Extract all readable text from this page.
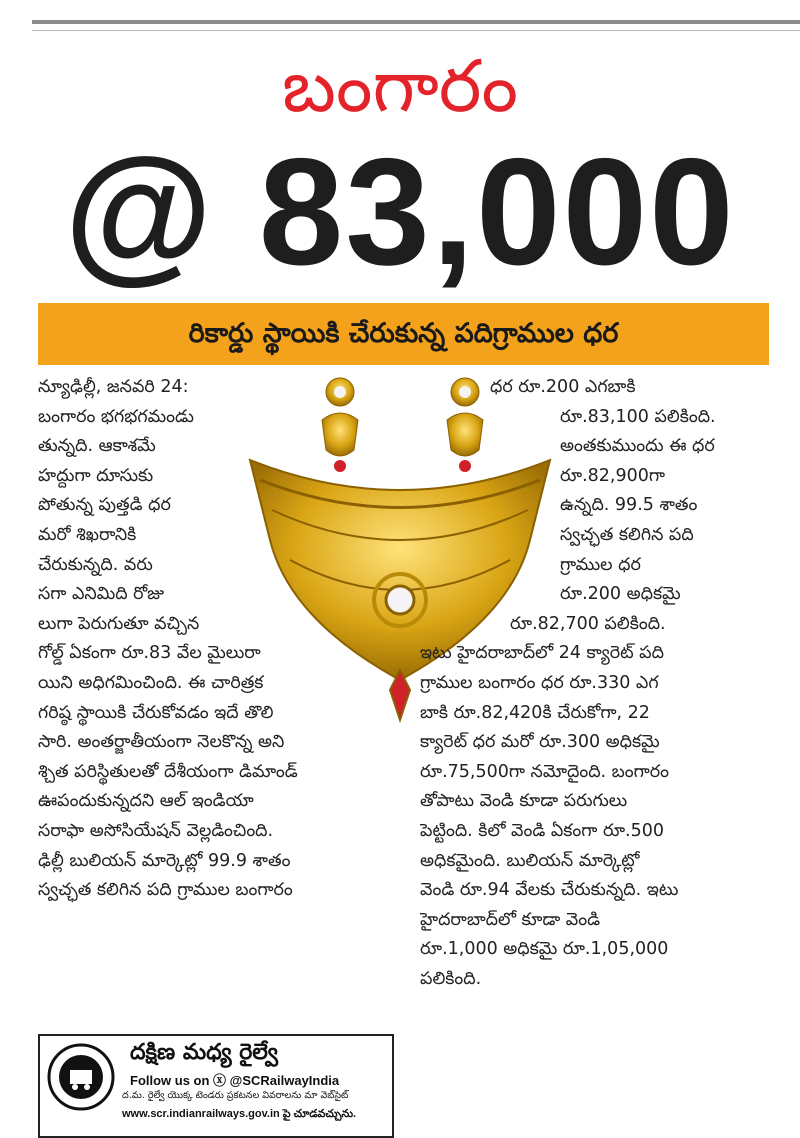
బంగారం
@ 83,000
రికార్డు స్థాయికి చేరుకున్న పదిగ్రాముల ధర
న్యూఢిల్లీ, జనవరి 24:
బంగారం భగభగమండు
తున్నది. ఆకాశమే
హద్దుగా దూసుకు
పోతున్న పుత్తడి ధర
మరో శిఖరానికి
చేరుకున్నది. వరు
సగా ఎనిమిది రోజు
లుగా పెరుగుతూ వచ్చిన
గోల్డ్ ఏకంగా రూ.83 వేల మైలురా
యిని అధిగమించింది. ఈ చారిత్రక
గరిష్ఠ స్థాయికి చేరుకోవడం ఇదే తొలి
సారి. అంతర్జాతీయంగా నెలకొన్న అని
శ్చిత పరిస్థితులతో దేశీయంగా డిమాండ్
ఊపందుకున్నదని ఆల్ ఇండియా
సరాఫా అసోసియేషన్ వెల్లడించింది.
ఢిల్లీ బులియన్ మార్కెట్లో 99.9 శాతం
స్వచ్ఛత కలిగిన పది గ్రాముల బంగారం
ధర రూ.200 ఎగబాకి
రూ.83,100 పలికింది.
అంతకుముందు ఈ ధర
రూ.82,900గా
ఉన్నది. 99.5 శాతం
స్వచ్ఛత కలిగిన పది
గ్రాముల ధర
రూ.200 అధికమై
రూ.82,700 పలికింది.
ఇటు హైదరాబాద్‌లో 24 క్యారెట్ పది
గ్రాముల బంగారం ధర రూ.330 ఎగ
బాకి రూ.82,420కి చేరుకోగా, 22
క్యారెట్ ధర మరో రూ.300 అధికమై
రూ.75,500గా నమోదైంది. బంగారం
తోపాటు వెండి కూడా పరుగులు
పెట్టింది. కిలో వెండి ఏకంగా రూ.500
అధికమైంది. బులియన్ మార్కెట్లో
వెండి రూ.94 వేలకు చేరుకున్నది. ఇటు
హైదరాబాద్‌లో కూడా వెండి
రూ.1,000 అధికమై రూ.1,05,000
పలికింది.
దక్షిణ మధ్య రైల్వే
Follow us on ⓧ @SCRailwayIndia
ద.మ. రైల్వే యొక్క టెండరు ప్రకటనల వివరాలను మా వెబ్‌సైట్
www.scr.indianrailways.gov.in పై చూడవచ్చును.
